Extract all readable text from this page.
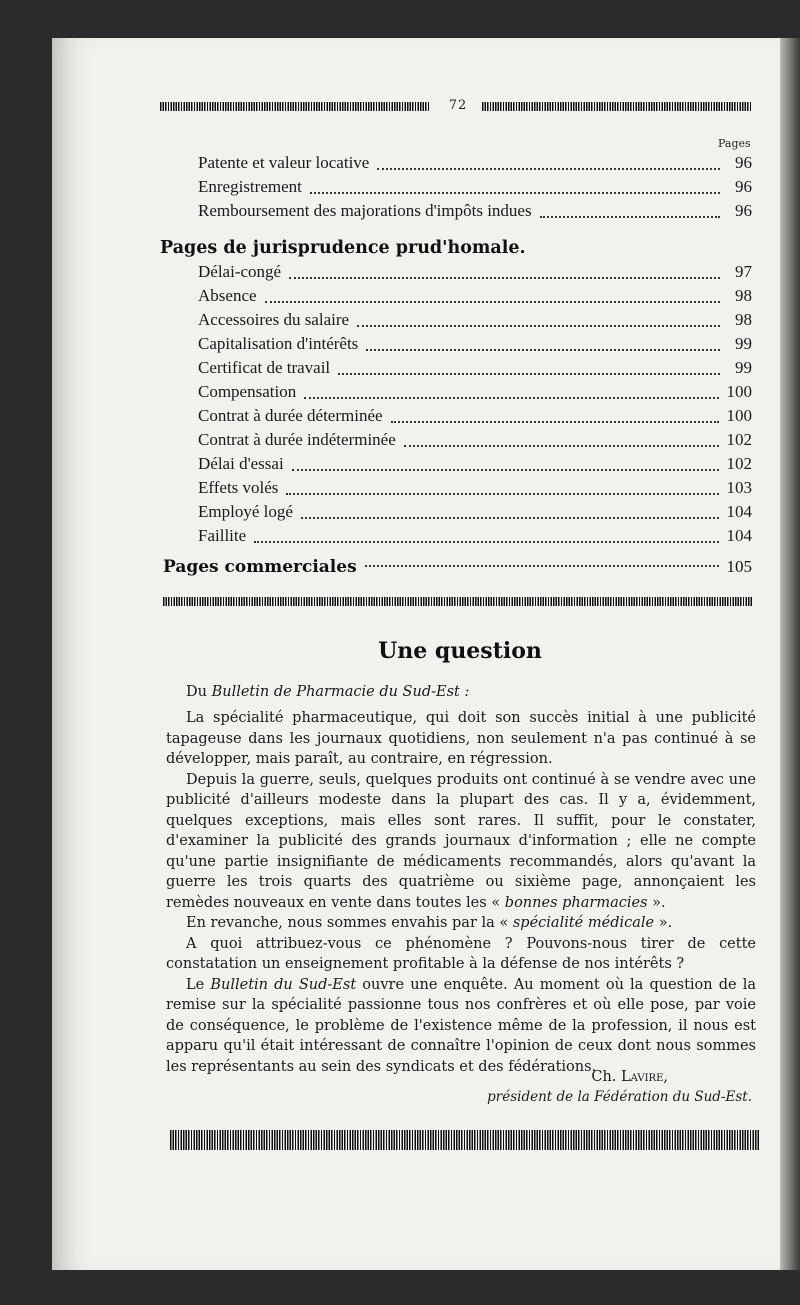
72
Pages
Patente et valeur locative	96
Enregistrement	96
Remboursement des majorations d'impôts indues	96
Pages de jurisprudence prud'homale.
Délai-congé	97
Absence	98
Accessoires du salaire	98
Capitalisation d'intérêts	99
Certificat de travail	99
Compensation	100
Contrat à durée déterminée	100
Contrat à durée indéterminée	102
Délai d'essai	102
Effets volés	103
Employé logé	104
Faillite	104
Pages commerciales	105
Une question
Du Bulletin de Pharmacie du Sud-Est :

La spécialité pharmaceutique, qui doit son succès initial à une publicité tapageuse dans les journaux quotidiens, non seulement n'a pas continué à se développer, mais paraît, au contraire, en régression.

Depuis la guerre, seuls, quelques produits ont continué à se vendre avec une publicité d'ailleurs modeste dans la plupart des cas. Il y a, évidemment, quelques exceptions, mais elles sont rares. Il suffit, pour le constater, d'examiner la publicité des grands journaux d'information ; elle ne compte qu'une partie insignifiante de médicaments recommandés, alors qu'avant la guerre les trois quarts des quatrième ou sixième page, annonçaient les remèdes nouveaux en vente dans toutes les « bonnes pharmacies ».

En revanche, nous sommes envahis par la « spécialité médicale ».

A quoi attribuez-vous ce phénomène ? Pouvons-nous tirer de cette constatation un enseignement profitable à la défense de nos intérêts ?

Le Bulletin du Sud-Est ouvre une enquête. Au moment où la question de la remise sur la spécialité passionne tous nos confrères et où elle pose, par voie de conséquence, le problème de l'existence même de la profession, il nous est apparu qu'il était intéressant de connaître l'opinion de ceux dont nous sommes les représentants au sein des syndicats et des fédérations.

Ch. Lavire,
président de la Fédération du Sud-Est.
